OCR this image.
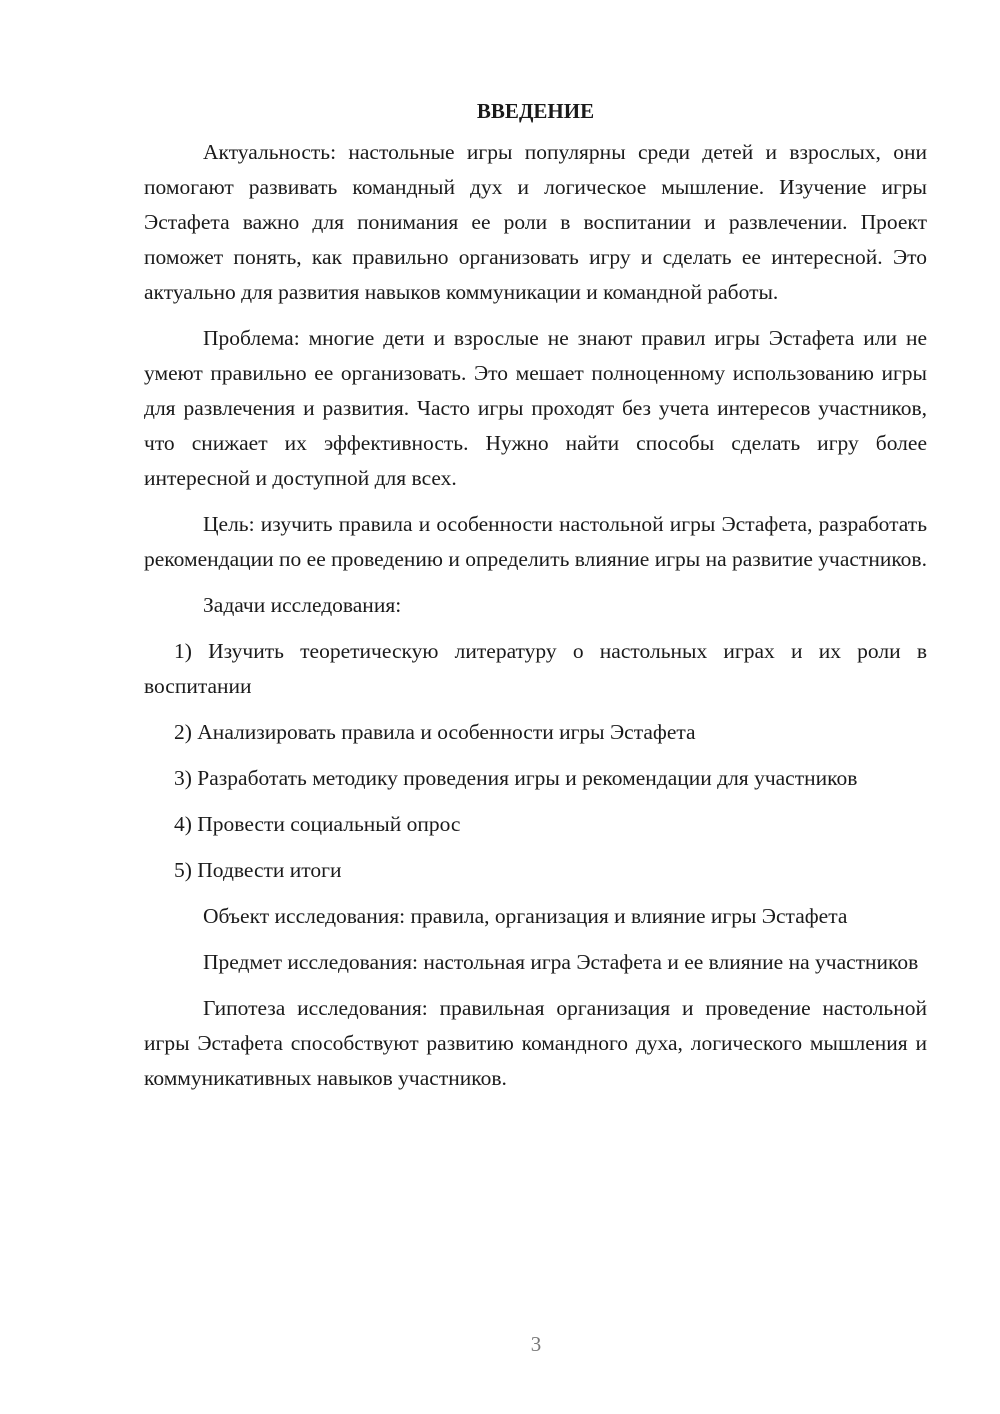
ВВЕДЕНИЕ

Актуальность: настольные игры популярны среди детей и взрослых, они помогают развивать командный дух и логическое мышление. Изучение игры Эстафета важно для понимания ее роли в воспитании и развлечении. Проект поможет понять, как правильно организовать игру и сделать ее интересной. Это актуально для развития навыков коммуникации и командной работы.

Проблема: многие дети и взрослые не знают правил игры Эстафета или не умеют правильно ее организовать. Это мешает полноценному использованию игры для развлечения и развития. Часто игры проходят без учета интересов участников, что снижает их эффективность. Нужно найти способы сделать игру более интересной и доступной для всех.

Цель: изучить правила и особенности настольной игры Эстафета, разработать рекомендации по ее проведению и определить влияние игры на развитие участников.

Задачи исследования:

1) Изучить теоретическую литературу о настольных играх и их роли в воспитании

2) Анализировать правила и особенности игры Эстафета

3) Разработать методику проведения игры и рекомендации для участников

4) Провести социальный опрос

5) Подвести итоги

Объект исследования: правила, организация и влияние игры Эстафета

Предмет исследования: настольная игра Эстафета и ее влияние на участников

Гипотеза исследования: правильная организация и проведение настольной игры Эстафета способствуют развитию командного духа, логического мышления и коммуникативных навыков участников.

3
